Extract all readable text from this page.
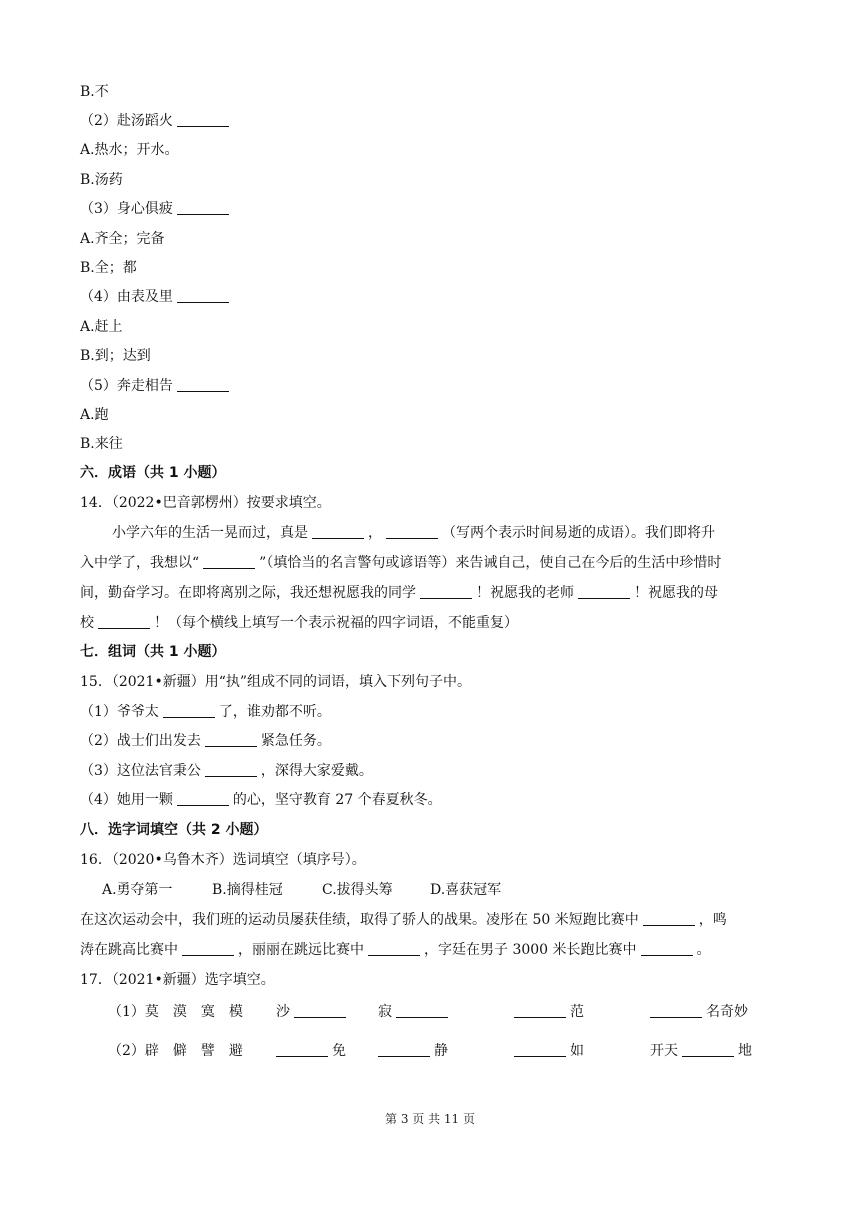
B.不
（2）赴汤蹈火
A.热水；开水。
B.汤药
（3）身心俱疲
A.齐全；完备
B.全；都
（4）由表及里
A.赶上
B.到；达到
（5）奔走相告
A.跑
B.来往
六．成语（共 1 小题）
14．（2022•巴音郭楞州）按要求填空。
小学六年的生活一晃而过，真是	，	（写两个表示时间易逝的成语）。我们即将升
入中学了，我想以“	”（填恰当的名言警句或谚语等）来告诫自己，使自己在今后的生活中珍惜时
间，勤奋学习。在即将离别之际，我还想祝愿我的同学	！祝愿我的老师	！祝愿我的母
校	！（每个横线上填写一个表示祝福的四字词语，不能重复）
七．组词（共 1 小题）
15．（2021•新疆）用“执”组成不同的词语，填入下列句子中。
（1）爷爷太	了，谁劝都不听。
（2）战士们出发去	紧急任务。
（3）这位法官秉公	，深得大家爱戴。
（4）她用一颗	的心，坚守教育 27 个春夏秋冬。
八．选字词填空（共 2 小题）
16．（2020•乌鲁木齐）选词填空（填序号）。
A.勇夺第一	B.摘得桂冠	C.拔得头筹	D.喜获冠军
在这次运动会中，我们班的运动员屡获佳绩，取得了骄人的战果。凌彤在 50 米短跑比赛中	，鸣
涛在跳高比赛中	，丽丽在跳远比赛中	，字廷在男子 3000 米长跑比赛中	。
17．（2021•新疆）选字填空。
（1）莫　漠　寞　模 沙	寂	范	名奇妙
（2）辟　僻　譬　避	免	静	如	开天	地
第 3 页 共 11 页
